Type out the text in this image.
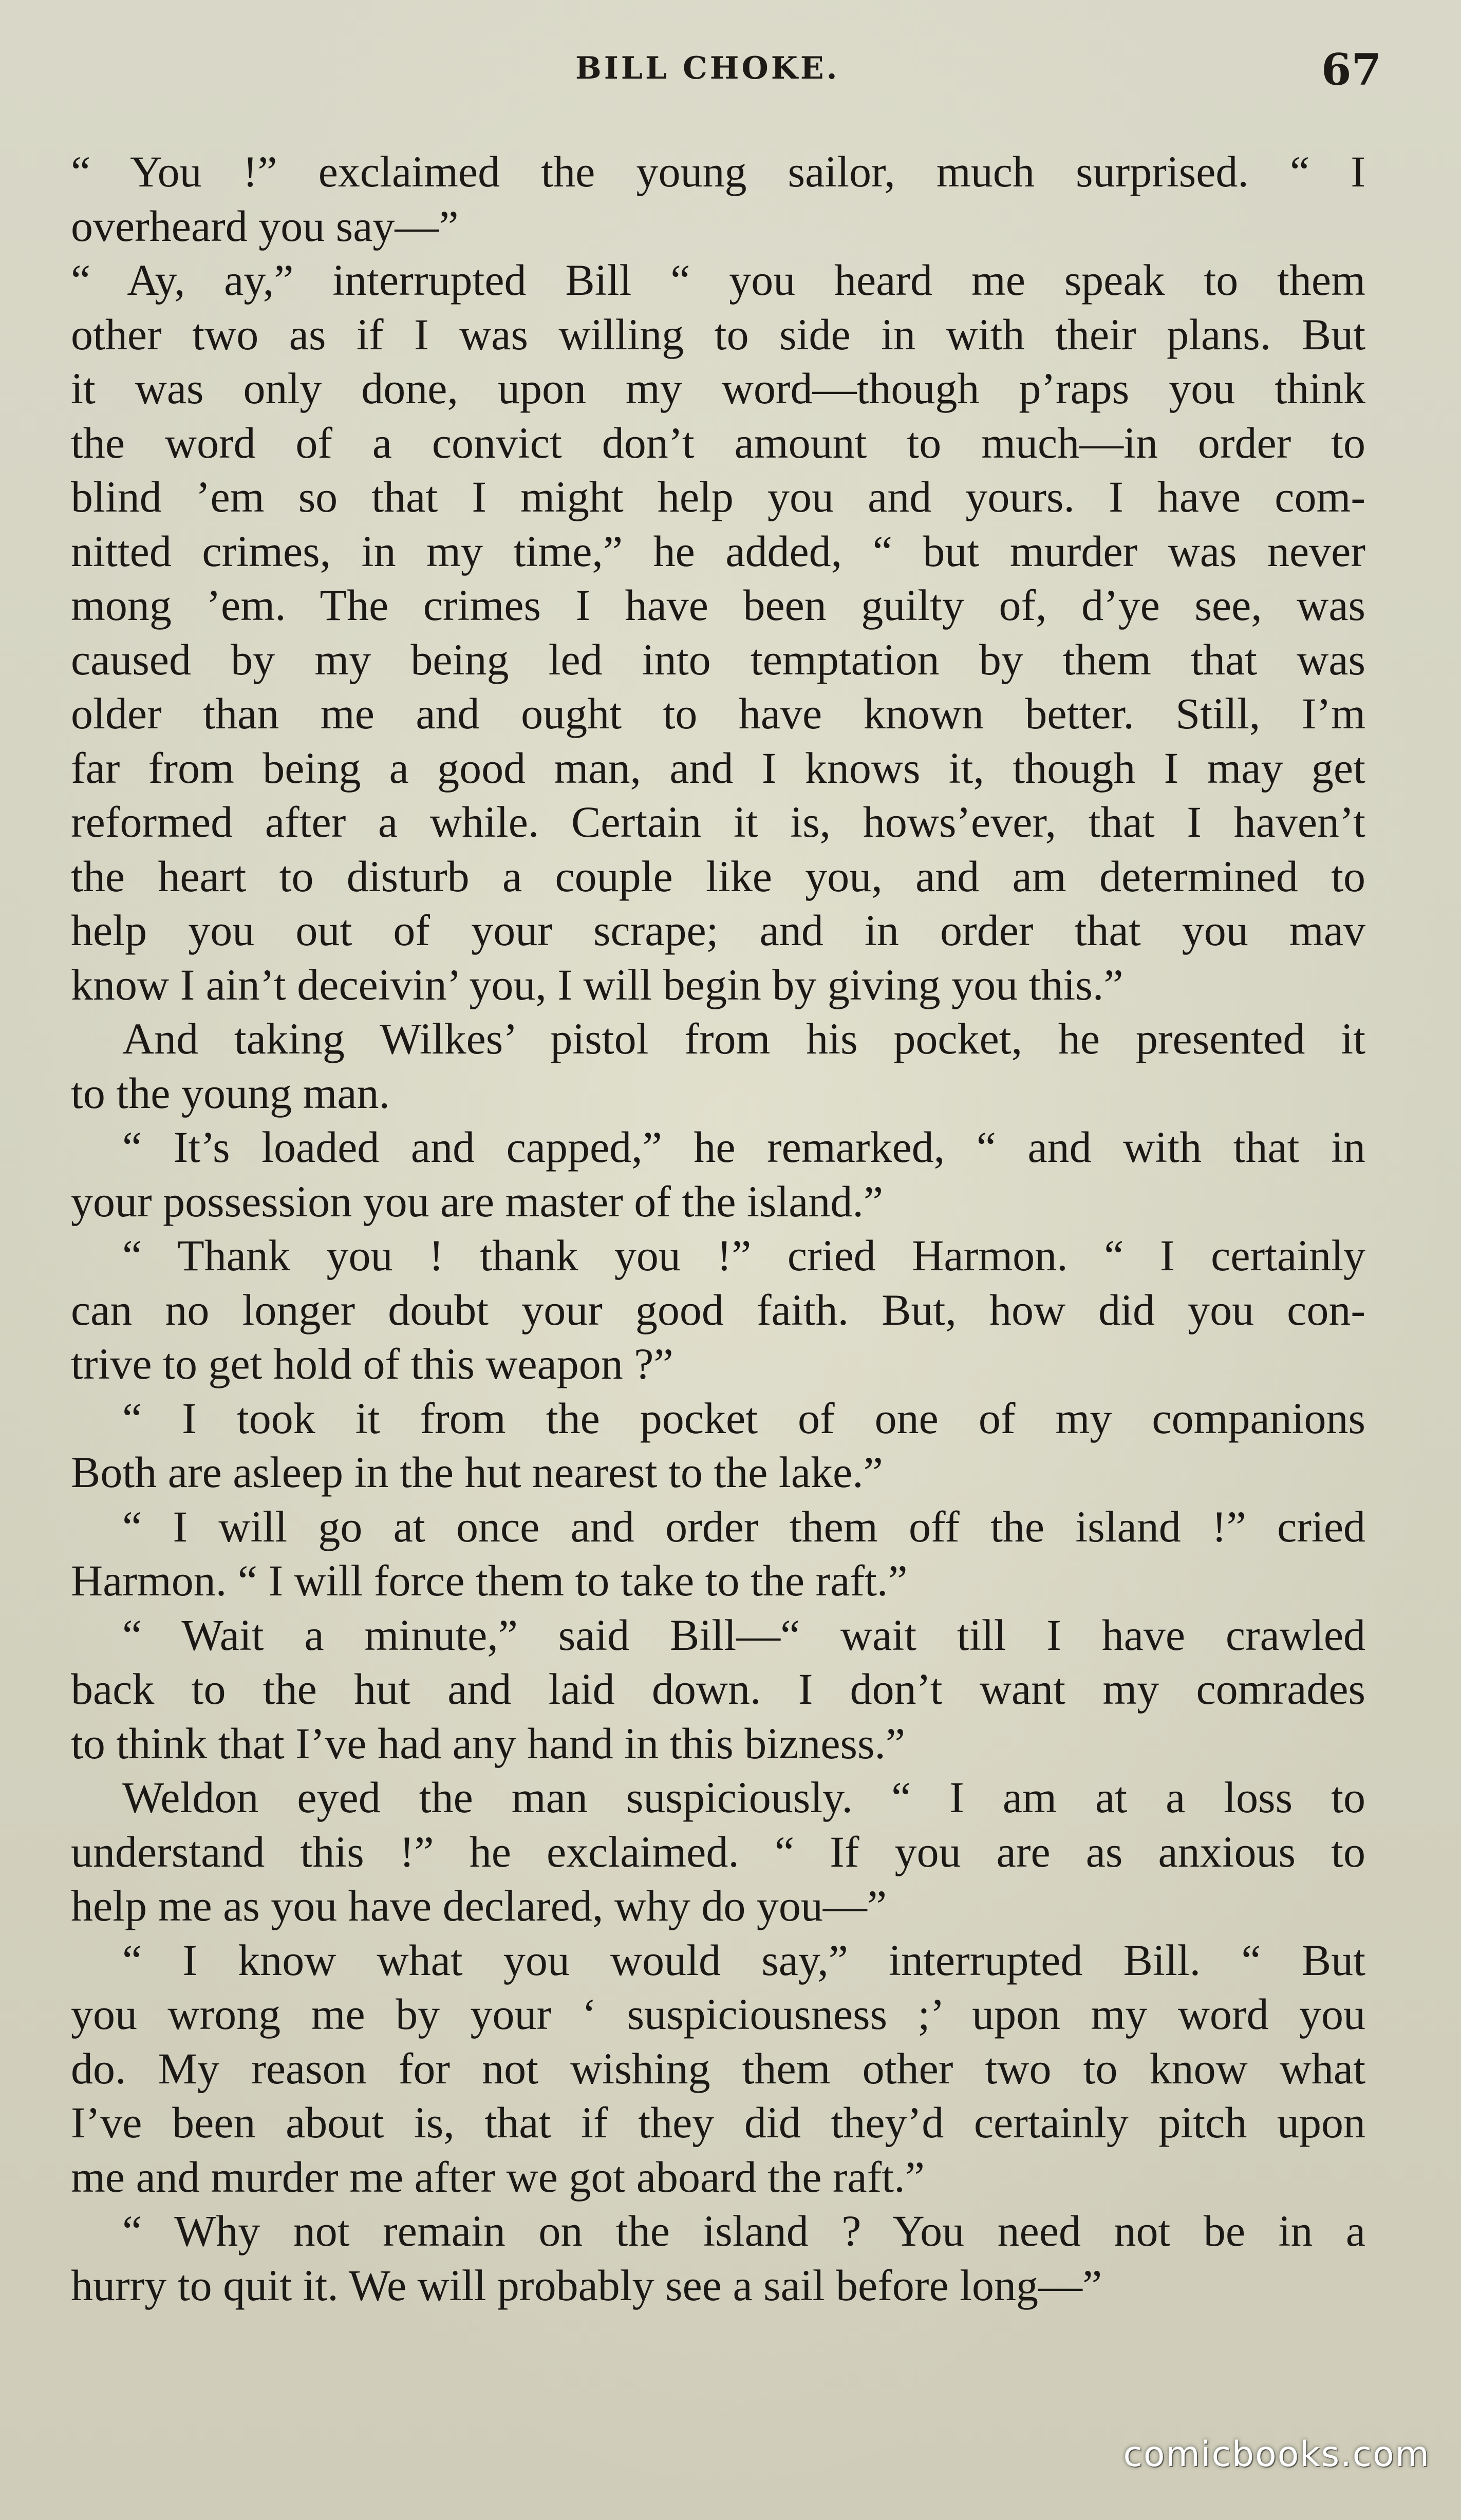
BILL CHOKE.	67
“ You !” exclaimed the young sailor, much surprised. “ I
overheard you say—”
“ Ay, ay,” interrupted Bill “ you heard me speak to them
other two as if I was willing to side in with their plans. But
it was only done, upon my word—though p’raps you think
the word of a convict don’t amount to much—in order to
blind ’em so that I might help you and yours. I have com-
nitted crimes, in my time,” he added, “ but murder was never
mong ’em. The crimes I have been guilty of, d’ye see, was
caused by my being led into temptation by them that was
older than me and ought to have known better. Still, I’m
far from being a good man, and I knows it, though I may get
reformed after a while. Certain it is, hows’ever, that I haven’t
the heart to disturb a couple like you, and am determined to
help you out of your scrape; and in order that you mav
know I ain’t deceivin’ you, I will begin by giving you this.”
And taking Wilkes’ pistol from his pocket, he presented it
to the young man.
“ It’s loaded and capped,” he remarked, “ and with that in
your possession you are master of the island.”
“ Thank you ! thank you !” cried Harmon. “ I certainly
can no longer doubt your good faith. But, how did you con-
trive to get hold of this weapon ?”
“ I took it from the pocket of one of my companions
Both are asleep in the hut nearest to the lake.”
“ I will go at once and order them off the island !” cried
Harmon. “ I will force them to take to the raft.”
“ Wait a minute,” said Bill—“ wait till I have crawled
back to the hut and laid down. I don’t want my comrades
to think that I’ve had any hand in this bizness.”
Weldon eyed the man suspiciously. “ I am at a loss to
understand this !” he exclaimed. “ If you are as anxious to
help me as you have declared, why do you—”
“ I know what you would say,” interrupted Bill. “ But
you wrong me by your ‘ suspiciousness ;’ upon my word you
do. My reason for not wishing them other two to know what
I’ve been about is, that if they did they’d certainly pitch upon
me and murder me after we got aboard the raft.”
“ Why not remain on the island ? You need not be in a
hurry to quit it. We will probably see a sail before long—”
comicbooks.com
